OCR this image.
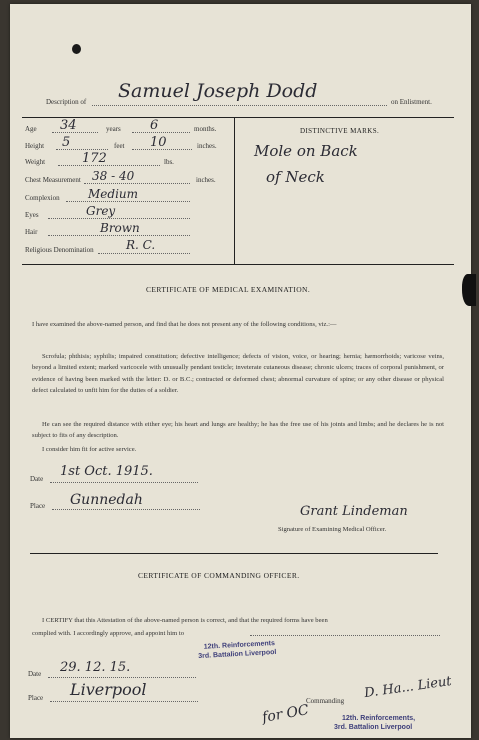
Description of Samuel Joseph Dodd	on Enlistment.
Age 34	years 6	months.
Height 5	feet 10	inches.
Weight	172	lbs.
Chest Measurement 38 - 40	inches.
Complexion Medium
Eyes	Grey
Hair	Brown
Religious Denomination	R. C.
DISTINCTIVE MARKS.
Mole on Back
of Neck
CERTIFICATE OF MEDICAL EXAMINATION.
I have examined the above-named person, and find that he does not present any of the following conditions, viz.:—
Scrofula; phthisis; syphilis; impaired constitution; defective intelligence; defects of vision, voice, or hearing; hernia; hæmorrhoids; varicose veins, beyond a limited extent; marked varicocele with unusually pendant testicle; inveterate cutaneous disease; chronic ulcers; traces of corporal punishment, or evidence of having been marked with the letter: D. or B.C.; contracted or deformed chest; abnormal curvature of spine; or any other disease or physical defect calculated to unfit him for the duties of a soldier.
He can see the required distance with either eye; his heart and lungs are healthy; he has the free use of his joints and limbs; and he declares he is not subject to fits of any description.
I consider him fit for active service.
Date 1st Oct. 1915.
Place Gunnedah
Grant Lindeman
Signature of Examining Medical Officer.
CERTIFICATE OF COMMANDING OFFICER.
I CERTIFY that this Attestation of the above-named person is correct, and that the required forms have been
complied with. I accordingly approve, and appoint him to
12th. Reinforcements
3rd. Battalion Liverpool
Date 29. 12. 15.
Place Liverpool
Commanding D. Ha... Lieut
for OC	12th. Reinforcements,
3rd. Battalion Liverpool
